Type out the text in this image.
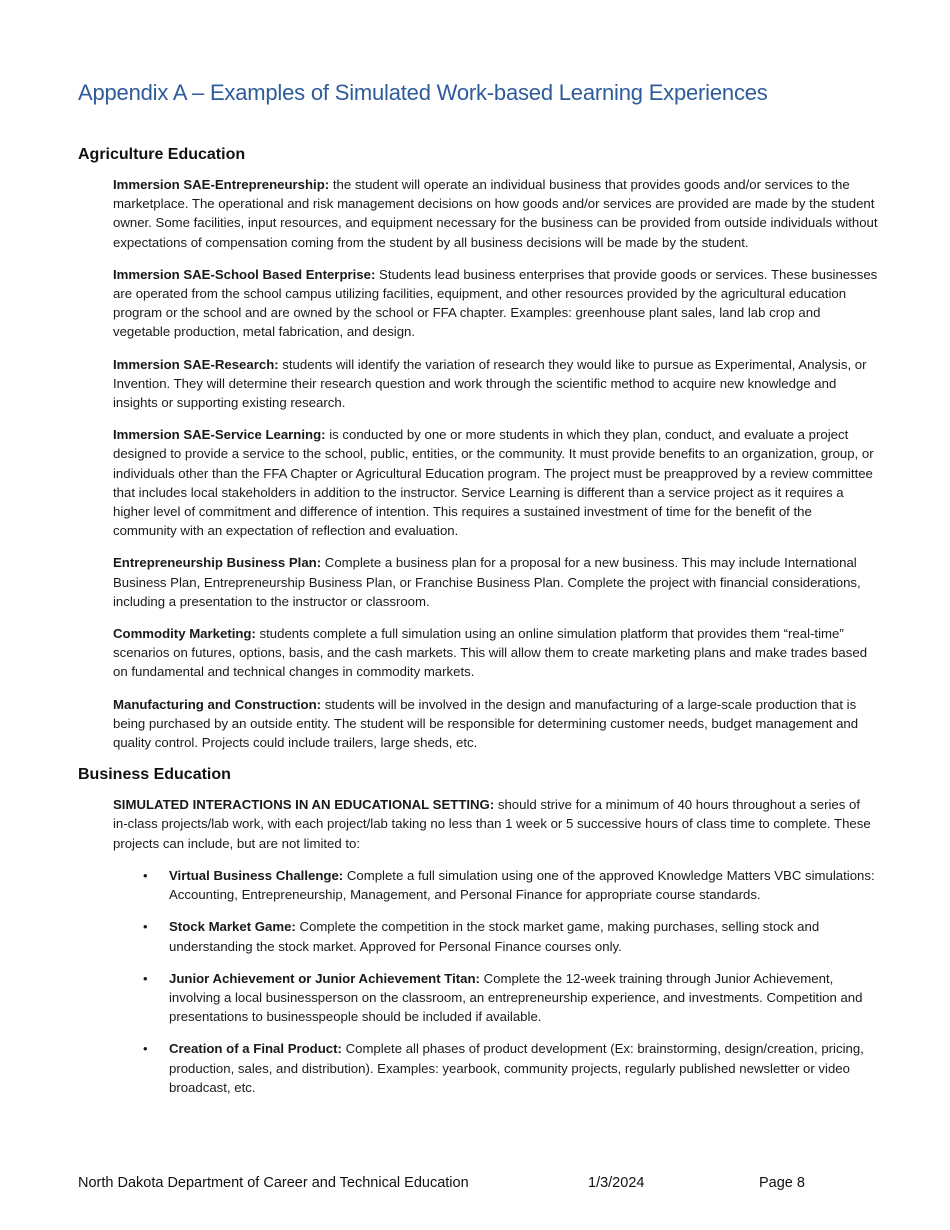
Appendix A – Examples of Simulated Work-based Learning Experiences
Agriculture Education

Immersion SAE-Entrepreneurship: the student will operate an individual business that provides goods and/or services to the marketplace. The operational and risk management decisions on how goods and/or services are provided are made by the student owner. Some facilities, input resources, and equipment necessary for the business can be provided from outside individuals without expectations of compensation coming from the student by all business decisions will be made by the student.

Immersion SAE-School Based Enterprise: Students lead business enterprises that provide goods or services. These businesses are operated from the school campus utilizing facilities, equipment, and other resources provided by the agricultural education program or the school and are owned by the school or FFA chapter. Examples: greenhouse plant sales, land lab crop and vegetable production, metal fabrication, and design.

Immersion SAE-Research: students will identify the variation of research they would like to pursue as Experimental, Analysis, or Invention. They will determine their research question and work through the scientific method to acquire new knowledge and insights or supporting existing research.

Immersion SAE-Service Learning: is conducted by one or more students in which they plan, conduct, and evaluate a project designed to provide a service to the school, public, entities, or the community. It must provide benefits to an organization, group, or individuals other than the FFA Chapter or Agricultural Education program. The project must be preapproved by a review committee that includes local stakeholders in addition to the instructor. Service Learning is different than a service project as it requires a higher level of commitment and difference of intention. This requires a sustained investment of time for the benefit of the community with an expectation of reflection and evaluation.

Entrepreneurship Business Plan: Complete a business plan for a proposal for a new business. This may include International Business Plan, Entrepreneurship Business Plan, or Franchise Business Plan. Complete the project with financial considerations, including a presentation to the instructor or classroom.

Commodity Marketing: students complete a full simulation using an online simulation platform that provides them “real-time” scenarios on futures, options, basis, and the cash markets. This will allow them to create marketing plans and make trades based on fundamental and technical changes in commodity markets.

Manufacturing and Construction: students will be involved in the design and manufacturing of a large-scale production that is being purchased by an outside entity. The student will be responsible for determining customer needs, budget management and quality control. Projects could include trailers, large sheds, etc.

Business Education

SIMULATED INTERACTIONS IN AN EDUCATIONAL SETTING: should strive for a minimum of 40 hours throughout a series of in-class projects/lab work, with each project/lab taking no less than 1 week or 5 successive hours of class time to complete. These projects can include, but are not limited to:

• Virtual Business Challenge: Complete a full simulation using one of the approved Knowledge Matters VBC simulations: Accounting, Entrepreneurship, Management, and Personal Finance for appropriate course standards.
• Stock Market Game: Complete the competition in the stock market game, making purchases, selling stock and understanding the stock market. Approved for Personal Finance courses only.
• Junior Achievement or Junior Achievement Titan: Complete the 12-week training through Junior Achievement, involving a local businessperson on the classroom, an entrepreneurship experience, and investments. Competition and presentations to businesspeople should be included if available.
• Creation of a Final Product: Complete all phases of product development (Ex: brainstorming, design/creation, pricing, production, sales, and distribution). Examples: yearbook, community projects, regularly published newsletter or video broadcast, etc.
North Dakota Department of Career and Technical Education	1/3/2024	Page 8
